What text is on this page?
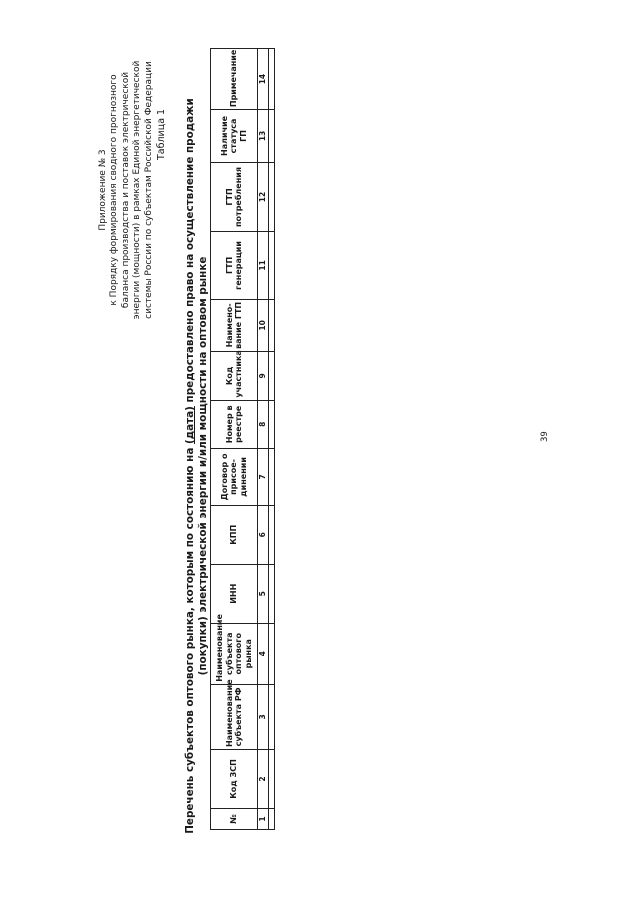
Приложение № 3 к Порядку формирования сводного прогнозного баланса производства и поставок электрической энергии (мощности) в рамках Единой энергетической системы России по субъектам Российской Федерации Таблица 1
Перечень субъектов оптового рынка, которым по состоянию на (дата) предоставлено право на осуществление продажи (покупки) электрической энергии и/или мощности на оптовом рынке
№	Код ЗСП	Наименование субъекта РФ	Наименование субъекта оптового рынка	ИНН	КПП	Договор о присое-динении	Номер в реестре	Код участника	Наимено-вание ГТП	ГТП генерации	ГТП потребления	Наличие статуса ГП	Примечание
1	2	3	4	5	6	7	8	9	10	11	12	13	14

39
